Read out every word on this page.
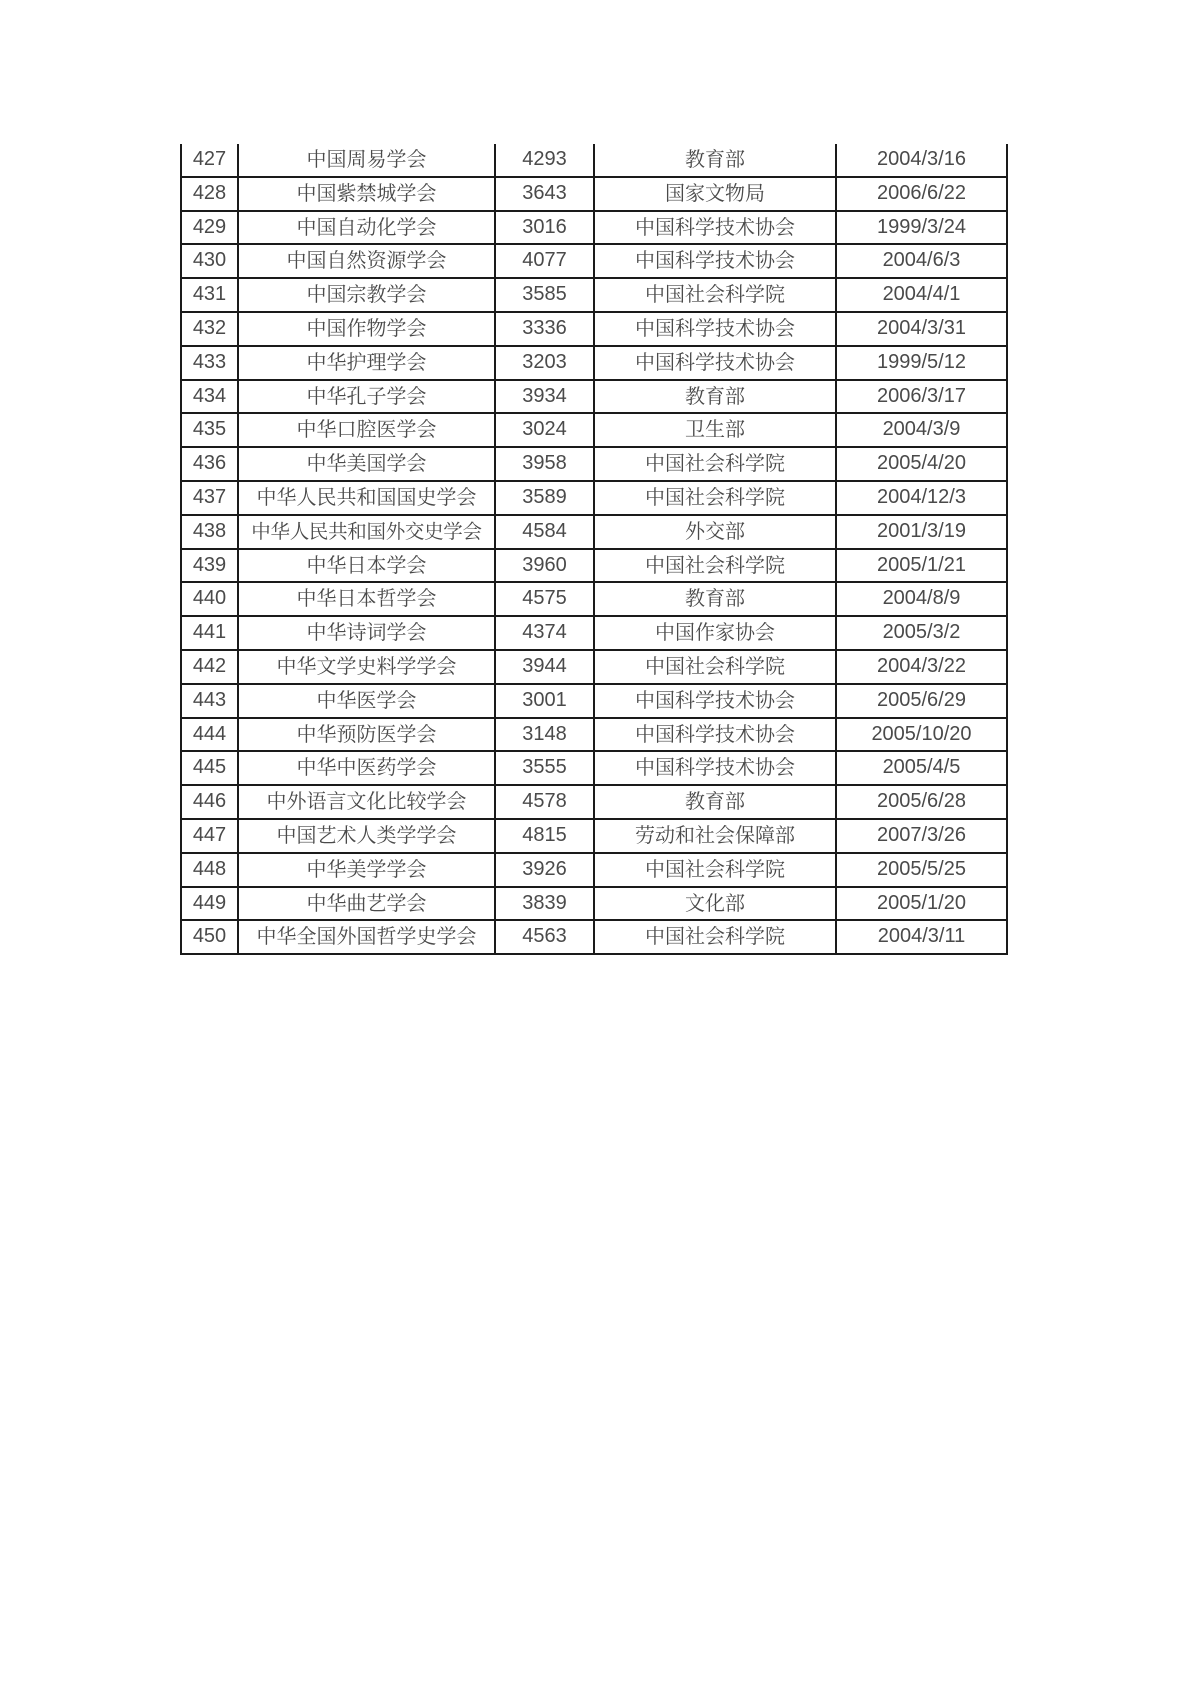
427	中国周易学会	4293	教育部	2004/3/16
428	中国紫禁城学会	3643	国家文物局	2006/6/22
429	中国自动化学会	3016	中国科学技术协会	1999/3/24
430	中国自然资源学会	4077	中国科学技术协会	2004/6/3
431	中国宗教学会	3585	中国社会科学院	2004/4/1
432	中国作物学会	3336	中国科学技术协会	2004/3/31
433	中华护理学会	3203	中国科学技术协会	1999/5/12
434	中华孔子学会	3934	教育部	2006/3/17
435	中华口腔医学会	3024	卫生部	2004/3/9
436	中华美国学会	3958	中国社会科学院	2005/4/20
437	中华人民共和国国史学会	3589	中国社会科学院	2004/12/3
438	中华人民共和国外交史学会	4584	外交部	2001/3/19
439	中华日本学会	3960	中国社会科学院	2005/1/21
440	中华日本哲学会	4575	教育部	2004/8/9
441	中华诗词学会	4374	中国作家协会	2005/3/2
442	中华文学史料学学会	3944	中国社会科学院	2004/3/22
443	中华医学会	3001	中国科学技术协会	2005/6/29
444	中华预防医学会	3148	中国科学技术协会	2005/10/20
445	中华中医药学会	3555	中国科学技术协会	2005/4/5
446	中外语言文化比较学会	4578	教育部	2005/6/28
447	中国艺术人类学学会	4815	劳动和社会保障部	2007/3/26
448	中华美学学会	3926	中国社会科学院	2005/5/25
449	中华曲艺学会	3839	文化部	2005/1/20
450	中华全国外国哲学史学会	4563	中国社会科学院	2004/3/11
